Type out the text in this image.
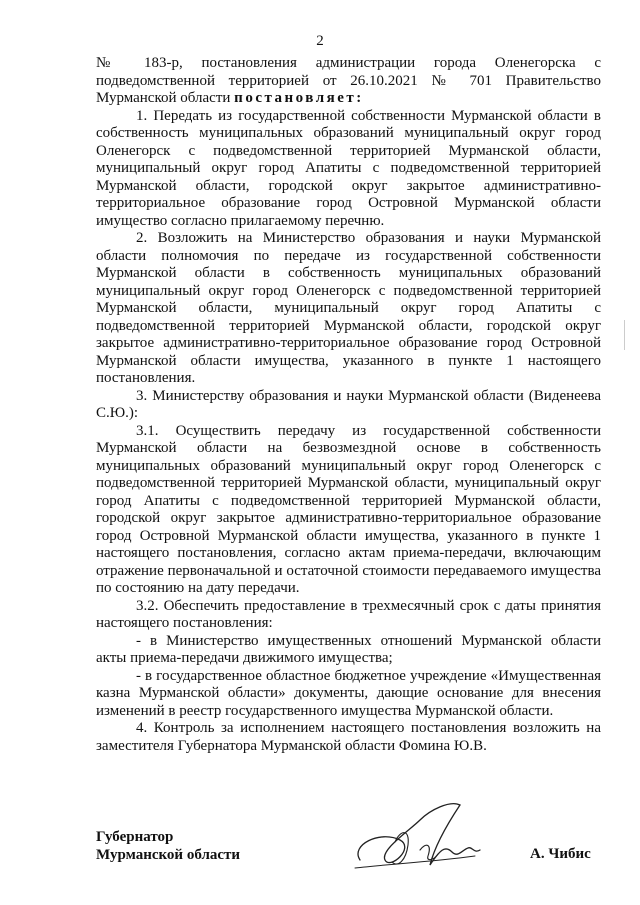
2

№ 183-р, постановления администрации города Оленегорска с подведомственной территорией от 26.10.2021 № 701 Правительство Мурманской области постановляет:

1. Передать из государственной собственности Мурманской области в собственность муниципальных образований муниципальный округ город Оленегорск с подведомственной территорией Мурманской области, муниципальный округ город Апатиты с подведомственной территорией Мурманской области, городской округ закрытое административно-территориальное образование город Островной Мурманской области имущество согласно прилагаемому перечню.

2. Возложить на Министерство образования и науки Мурманской области полномочия по передаче из государственной собственности Мурманской области в собственность муниципальных образований муниципальный округ город Оленегорск с подведомственной территорией Мурманской области, муниципальный округ город Апатиты с подведомственной территорией Мурманской области, городской округ закрытое административно-территориальное образование город Островной Мурманской области имущества, указанного в пункте 1 настоящего постановления.

3. Министерству образования и науки Мурманской области (Виденеева С.Ю.):

3.1. Осуществить передачу из государственной собственности Мурманской области на безвозмездной основе в собственность муниципальных образований муниципальный округ город Оленегорск с подведомственной территорией Мурманской области, муниципальный округ город Апатиты с подведомственной территорией Мурманской области, городской округ закрытое административно-территориальное образование город Островной Мурманской области имущества, указанного в пункте 1 настоящего постановления, согласно актам приема-передачи, включающим отражение первоначальной и остаточной стоимости передаваемого имущества по состоянию на дату передачи.

3.2. Обеспечить предоставление в трехмесячный срок с даты принятия настоящего постановления:

- в Министерство имущественных отношений Мурманской области акты приема-передачи движимого имущества;

- в государственное областное бюджетное учреждение «Имущественная казна Мурманской области» документы, дающие основание для внесения изменений в реестр государственного имущества Мурманской области.

4. Контроль за исполнением настоящего постановления возложить на заместителя Губернатора Мурманской области Фомина Ю.В.

Губернатор
Мурманской области	А. Чибис
